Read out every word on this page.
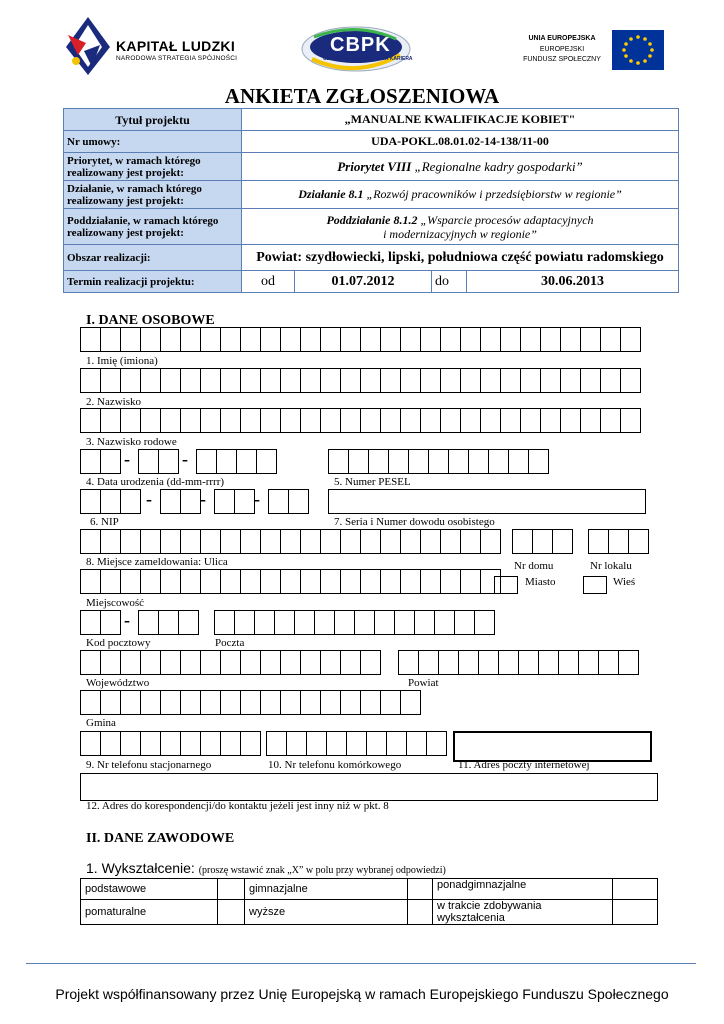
KAPITAŁ LUDZKI
NARODOWA STRATEGIA SPÓJNOŚCI
CBPK
CZŁOWIEK BIZNES PRACA KARIERA
UNIA EUROPEJSKA
EUROPEJSKI
FUNDUSZ SPOŁECZNY
ANKIETA ZGŁOSZENIOWA
Tytuł projektu	„MANUALNE KWALIFIKACJE KOBIET"			
Nr umowy:	UDA-POKL.08.01.02-14-138/11-00			
Priorytet, w ramach którego realizowany jest projekt:	Priorytet VIII „Regionalne kadry gospodarki”			
Działanie, w ramach którego realizowany jest projekt:	Działanie 8.1 „Rozwój pracowników i przedsiębiorstw w regionie”			
Poddziałanie, w ramach którego realizowany jest projekt:	Poddziałanie 8.1.2 „Wsparcie procesów adaptacyjnych
i modernizacyjnych w regionie”			
Obszar realizacji:	Powiat: szydłowiecki, lipski, południowa część powiatu radomskiego			
Termin realizacji projektu:	od	01.07.2012	do	30.06.2013
I. DANE OSOBOWE
1. Imię (imiona)
2. Nazwisko
3. Nazwisko rodowe
-	-
4. Data urodzenia (dd-mm-rrrr)	5. Numer PESEL
-	-	-
6. NIP	7. Seria i Numer dowodu osobistego
8. Miejsce zameldowania: Ulica	Nr domu	Nr lokalu
Miasto	Wieś
Miejscowość
-
Kod pocztowy	Poczta
Województwo	Powiat
Gmina
9. Nr telefonu stacjonarnego	10. Nr telefonu komórkowego	11. Adres poczty internetowej
12. Adres do korespondencji/do kontaktu jeżeli jest inny niż w pkt. 8
II. DANE ZAWODOWE
1. Wykształcenie: (proszę wstawić znak „X” w polu przy wybranej odpowiedzi)
podstawowe		gimnazjalne		ponadgimnazjalne	
pomaturalne		wyższe		w trakcie zdobywania wykształcenia	
Projekt współfinansowany przez Unię Europejską w ramach Europejskiego Funduszu Społecznego
